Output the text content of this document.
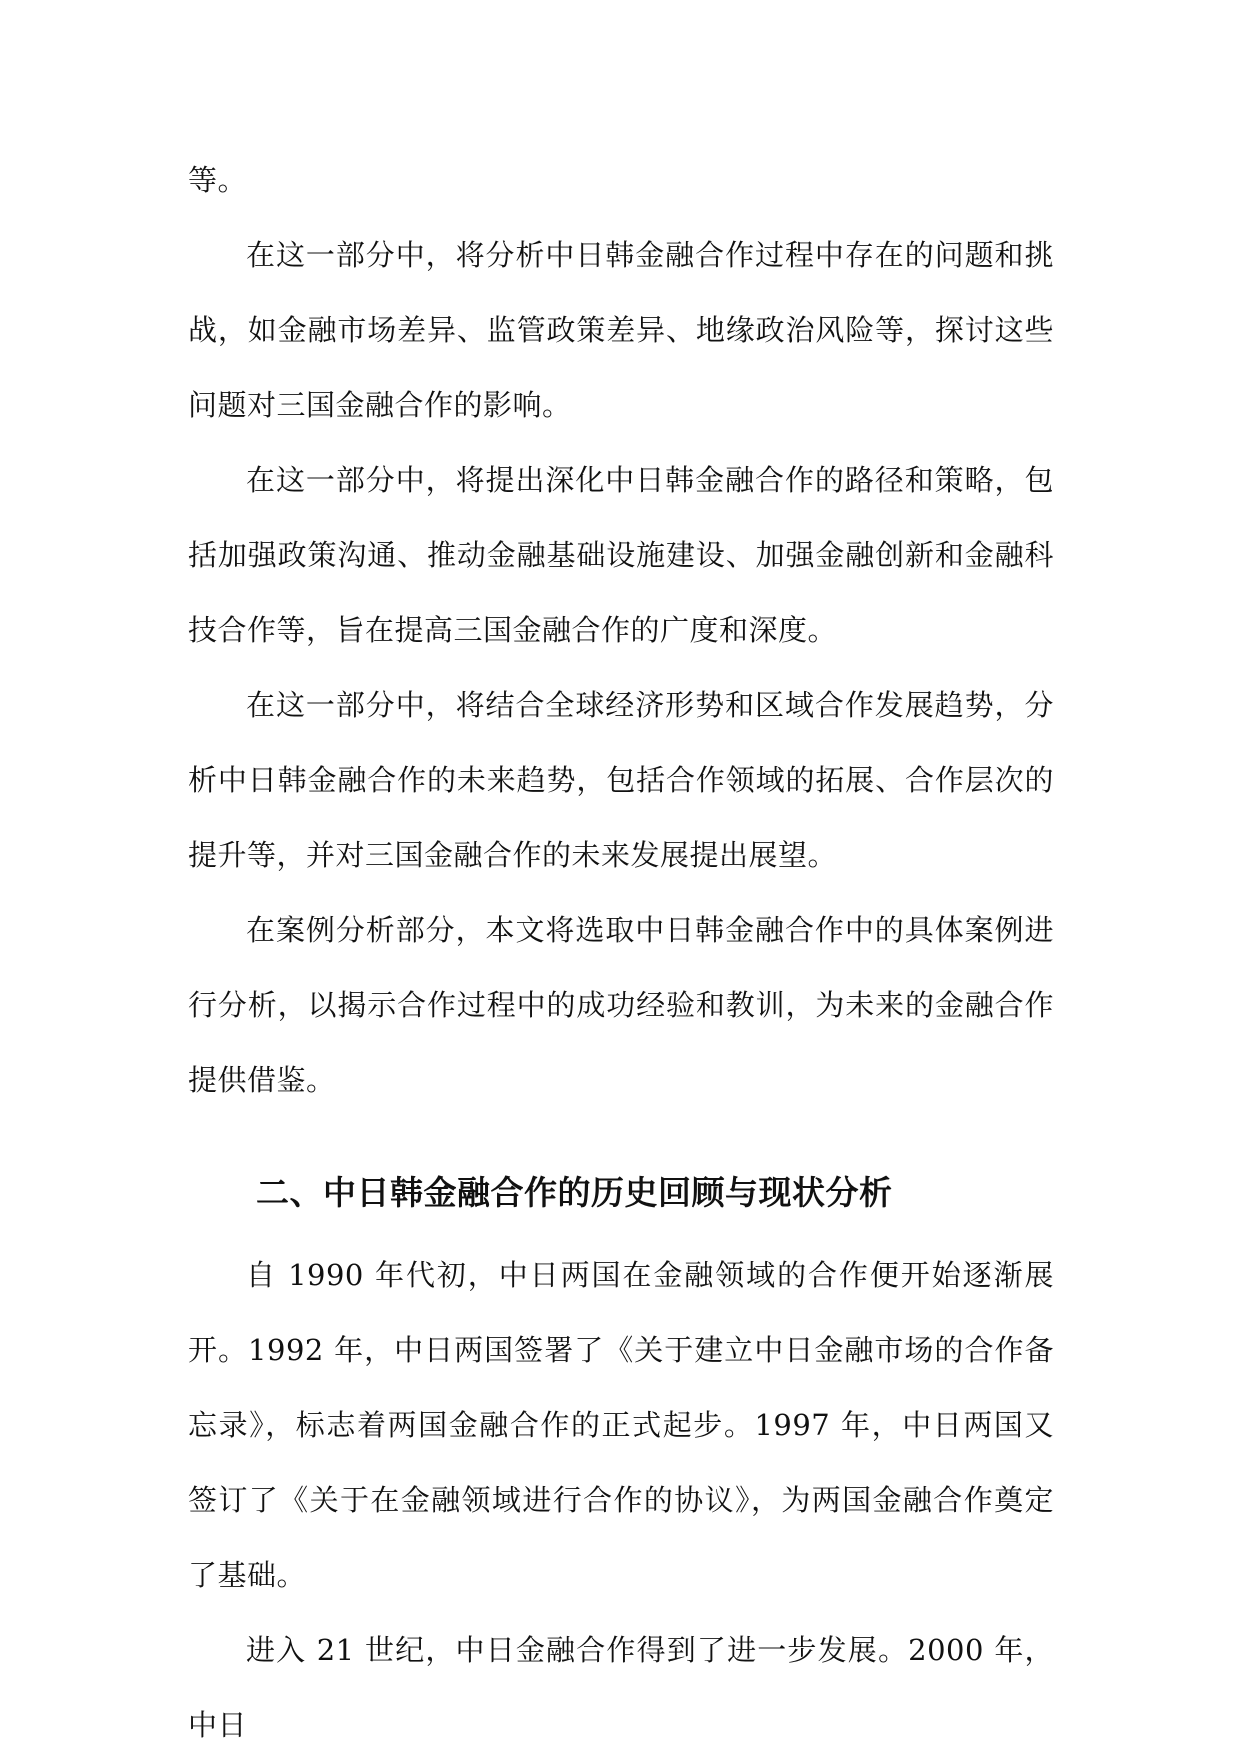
等。

在这一部分中，将分析中日韩金融合作过程中存在的问题和挑战，如金融市场差异、监管政策差异、地缘政治风险等，探讨这些问题对三国金融合作的影响。

在这一部分中，将提出深化中日韩金融合作的路径和策略，包括加强政策沟通、推动金融基础设施建设、加强金融创新和金融科技合作等，旨在提高三国金融合作的广度和深度。

在这一部分中，将结合全球经济形势和区域合作发展趋势，分析中日韩金融合作的未来趋势，包括合作领域的拓展、合作层次的提升等，并对三国金融合作的未来发展提出展望。

在案例分析部分，本文将选取中日韩金融合作中的具体案例进行分析，以揭示合作过程中的成功经验和教训，为未来的金融合作提供借鉴。

二、中日韩金融合作的历史回顾与现状分析

自 1990 年代初，中日两国在金融领域的合作便开始逐渐展开。1992 年，中日两国签署了《关于建立中日金融市场的合作备忘录》，标志着两国金融合作的正式起步。1997 年，中日两国又签订了《关于在金融领域进行合作的协议》，为两国金融合作奠定了基础。

进入 21 世纪，中日金融合作得到了进一步发展。2000 年，中日
